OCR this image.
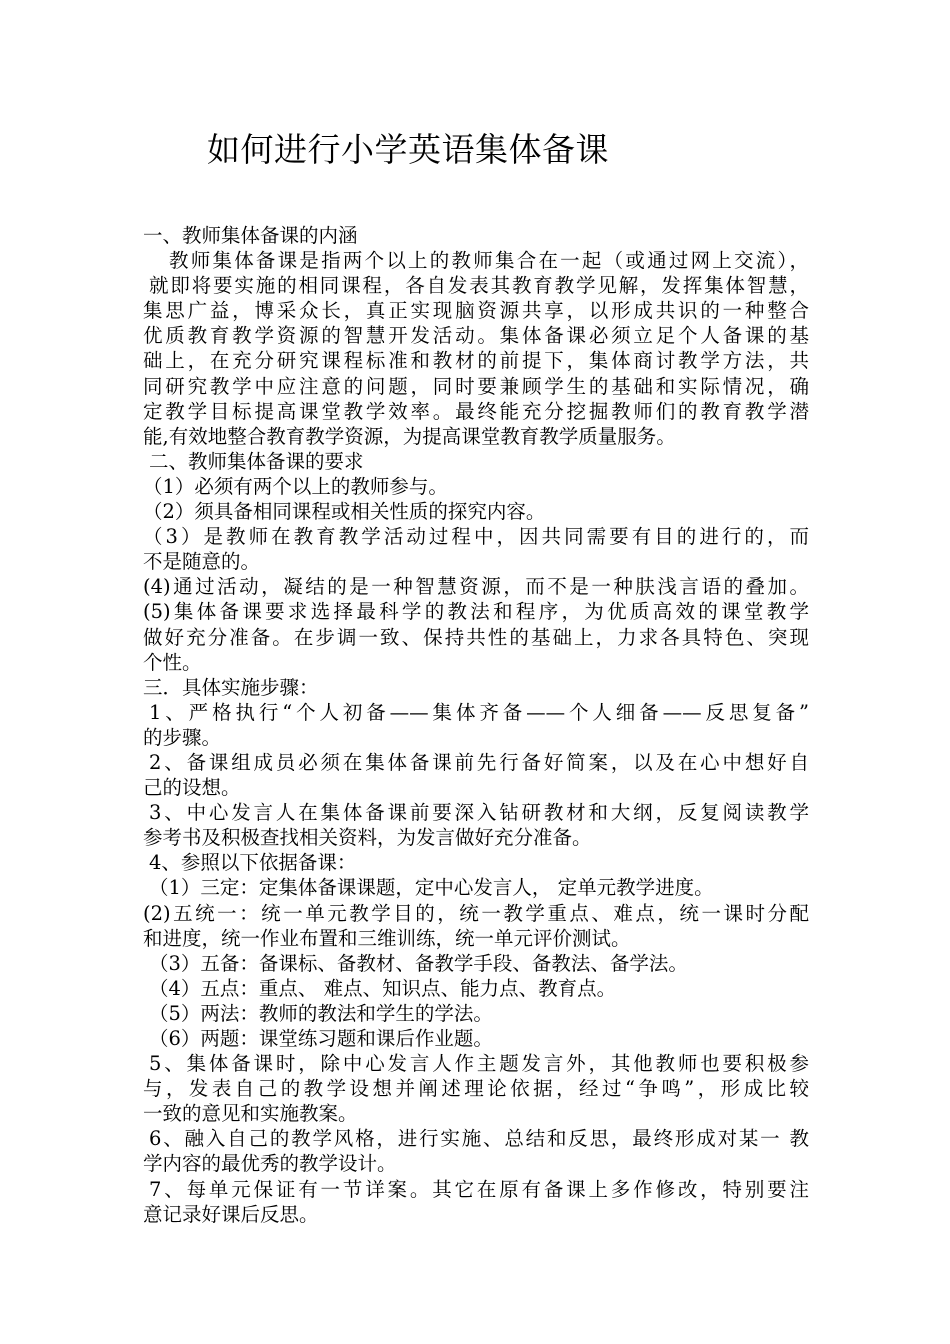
如何进行小学英语集体备课
一、教师集体备课的内涵
教师集体备课是指两个以上的教师集合在一起（或通过网上交流），
就即将要实施的相同课程，各自发表其教育教学见解，发挥集体智慧，
集思广益，博采众长，真正实现脑资源共享，以形成共识的一种整合
优质教育教学资源的智慧开发活动。集体备课必须立足个人备课的基
础上，在充分研究课程标准和教材的前提下，集体商讨教学方法，共
同研究教学中应注意的问题，同时要兼顾学生的基础和实际情况，确
定教学目标提高课堂教学效率。最终能充分挖掘教师们的教育教学潜
能,有效地整合教育教学资源，为提高课堂教育教学质量服务。
二、教师集体备课的要求
（1）必须有两个以上的教师参与。
（2）须具备相同课程或相关性质的探究内容。
（3）是教师在教育教学活动过程中，因共同需要有目的进行的，而
不是随意的。
(4)通过活动，凝结的是一种智慧资源，而不是一种肤浅言语的叠加。
(5)集体备课要求选择最科学的教法和程序，为优质高效的课堂教学
做好充分准备。在步调一致、保持共性的基础上，力求各具特色、突现
个性。
三．具体实施步骤：
1、严格执行“个人初备——集体齐备——个人细备——反思复备”
的步骤。
2、备课组成员必须在集体备课前先行备好简案，以及在心中想好自
己的设想。
3、中心发言人在集体备课前要深入钻研教材和大纲，反复阅读教学
参考书及积极查找相关资料，为发言做好充分准备。
4、参照以下依据备课：
（1）三定：定集体备课课题，定中心发言人， 定单元教学进度。
(2)五统一：统一单元教学目的，统一教学重点、难点，统一课时分配
和进度，统一作业布置和三维训练，统一单元评价测试。
（3）五备：备课标、备教材、备教学手段、备教法、备学法。
（4）五点：重点、 难点、知识点、能力点、教育点。
（5）两法：教师的教法和学生的学法。
（6）两题：课堂练习题和课后作业题。
5、集体备课时，除中心发言人作主题发言外，其他教师也要积极参
与，发表自己的教学设想并阐述理论依据，经过“争鸣”，形成比较
一致的意见和实施教案。
6、融入自己的教学风格，进行实施、总结和反思，最终形成对某一 教
学内容的最优秀的教学设计。
7、每单元保证有一节详案。其它在原有备课上多作修改，特别要注
意记录好课后反思。
